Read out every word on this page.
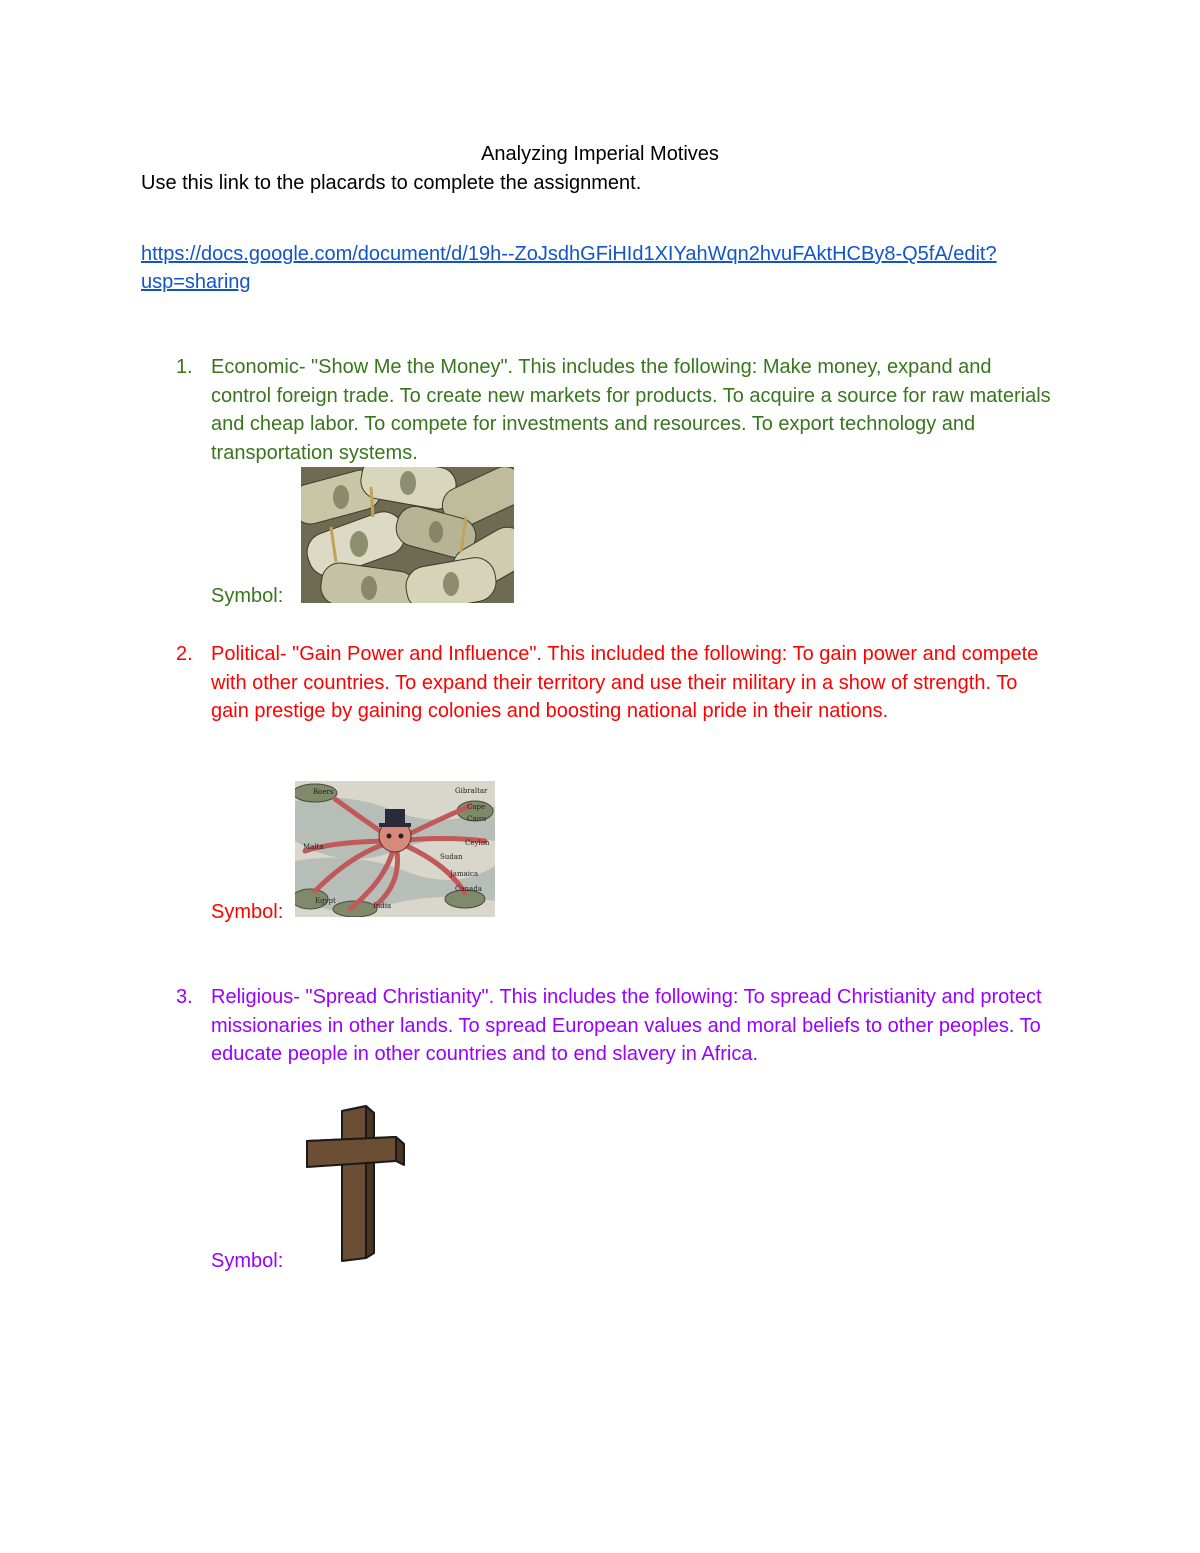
Analyzing Imperial Motives
Use this link to the placards to complete the assignment.
https://docs.google.com/document/d/19h--ZoJsdhGFiHId1XIYahWqn2hvuFAktHCBy8-Q5fA/edit?usp=sharing
1. Economic- "Show Me the Money". This includes the following: Make money, expand and control foreign trade. To create new markets for products. To acquire a source for raw materials and cheap labor. To compete for investments and resources. To export technology and transportation systems.
Symbol:
2. Political- "Gain Power and Influence". This included the following: To gain power and compete with other countries. To expand their territory and use their military in a show of strength. To gain prestige by gaining colonies and boosting national pride in their nations.
Symbol:
Boers	Gibraltar
Cape
Cairo
Malta	Ceylon
Egypt
India
Canada
Jamaica
Sudan
3. Religious- "Spread Christianity". This includes the following: To spread Christianity and protect missionaries in other lands. To spread European values and moral beliefs to other peoples. To educate people in other countries and to end slavery in Africa.
Symbol:
